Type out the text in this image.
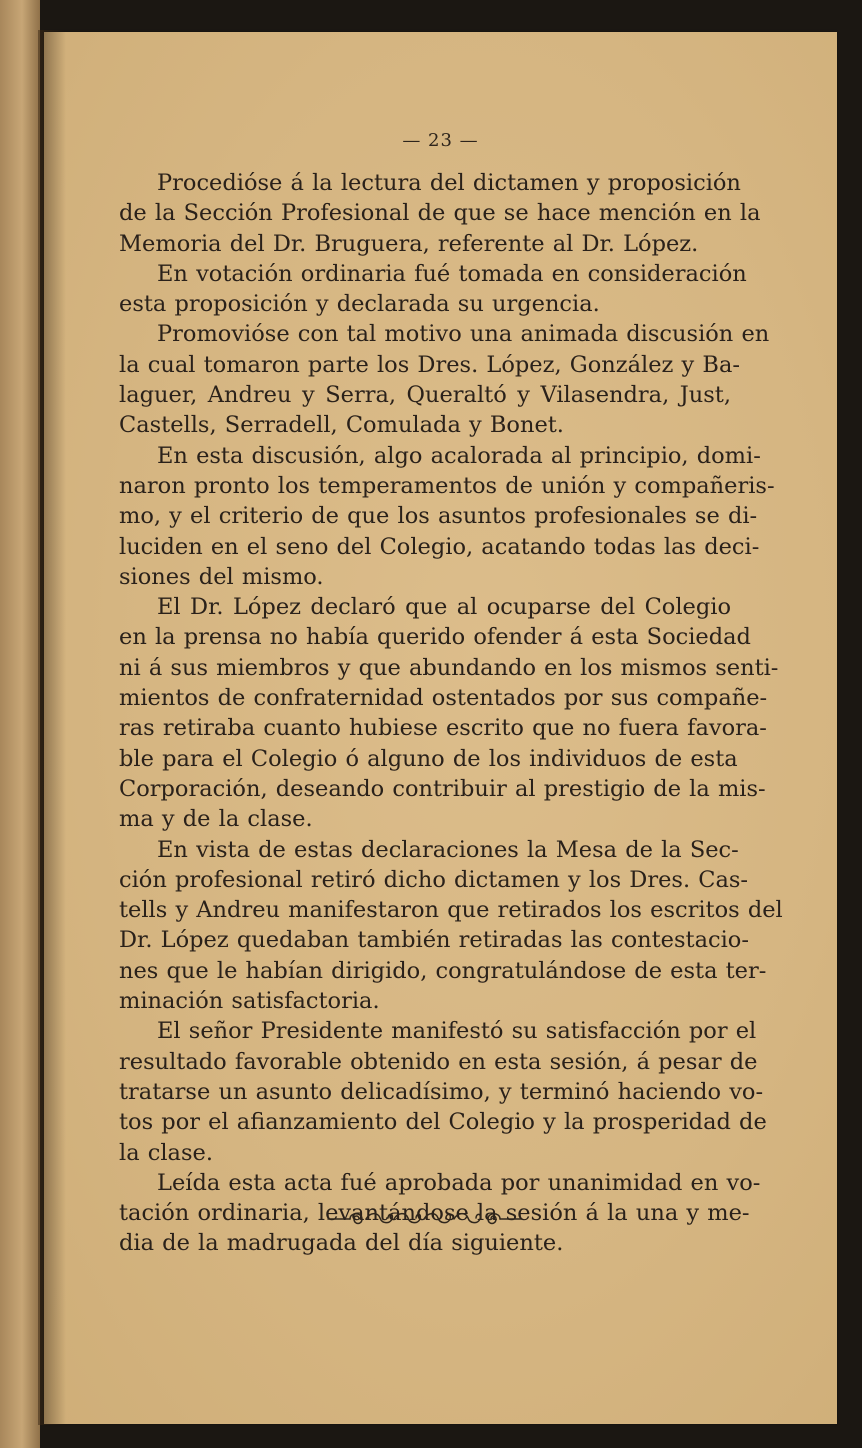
— 23 —
Procedióse á la lectura del dictamen y proposición
de la Sección Profesional de que se hace mención en la
Memoria del Dr. Bruguera, referente al Dr. López.
En votación ordinaria fué tomada en consideración
esta proposición y declarada su urgencia.
Promovióse con tal motivo una animada discusión en
la cual tomaron parte los Dres. López, González y Ba-
laguer, Andreu y Serra, Queraltó y Vilasendra, Just,
Castells, Serradell, Comulada y Bonet.
En esta discusión, algo acalorada al principio, domi-
naron pronto los temperamentos de unión y compañeris-
mo, y el criterio de que los asuntos profesionales se di-
luciden en el seno del Colegio, acatando todas las deci-
siones del mismo.
El Dr. López declaró que al ocuparse del Colegio
en la prensa no había querido ofender á esta Sociedad
ni á sus miembros y que abundando en los mismos senti-
mientos de confraternidad ostentados por sus compañe-
ras retiraba cuanto hubiese escrito que no fuera favora-
ble para el Colegio ó alguno de los individuos de esta
Corporación, deseando contribuir al prestigio de la mis-
ma y de la clase.
En vista de estas declaraciones la Mesa de la Sec-
ción profesional retiró dicho dictamen y los Dres. Cas-
tells y Andreu manifestaron que retirados los escritos del
Dr. López quedaban también retiradas las contestacio-
nes que le habían dirigido, congratulándose de esta ter-
minación satisfactoria.
El señor Presidente manifestó su satisfacción por el
resultado favorable obtenido en esta sesión, á pesar de
tratarse un asunto delicadísimo, y terminó haciendo vo-
tos por el afianzamiento del Colegio y la prosperidad de
la clase.
Leída esta acta fué aprobada por unanimidad en vo-
tación ordinaria, levantándose la sesión á la una y me-
dia de la madrugada del día siguiente.
